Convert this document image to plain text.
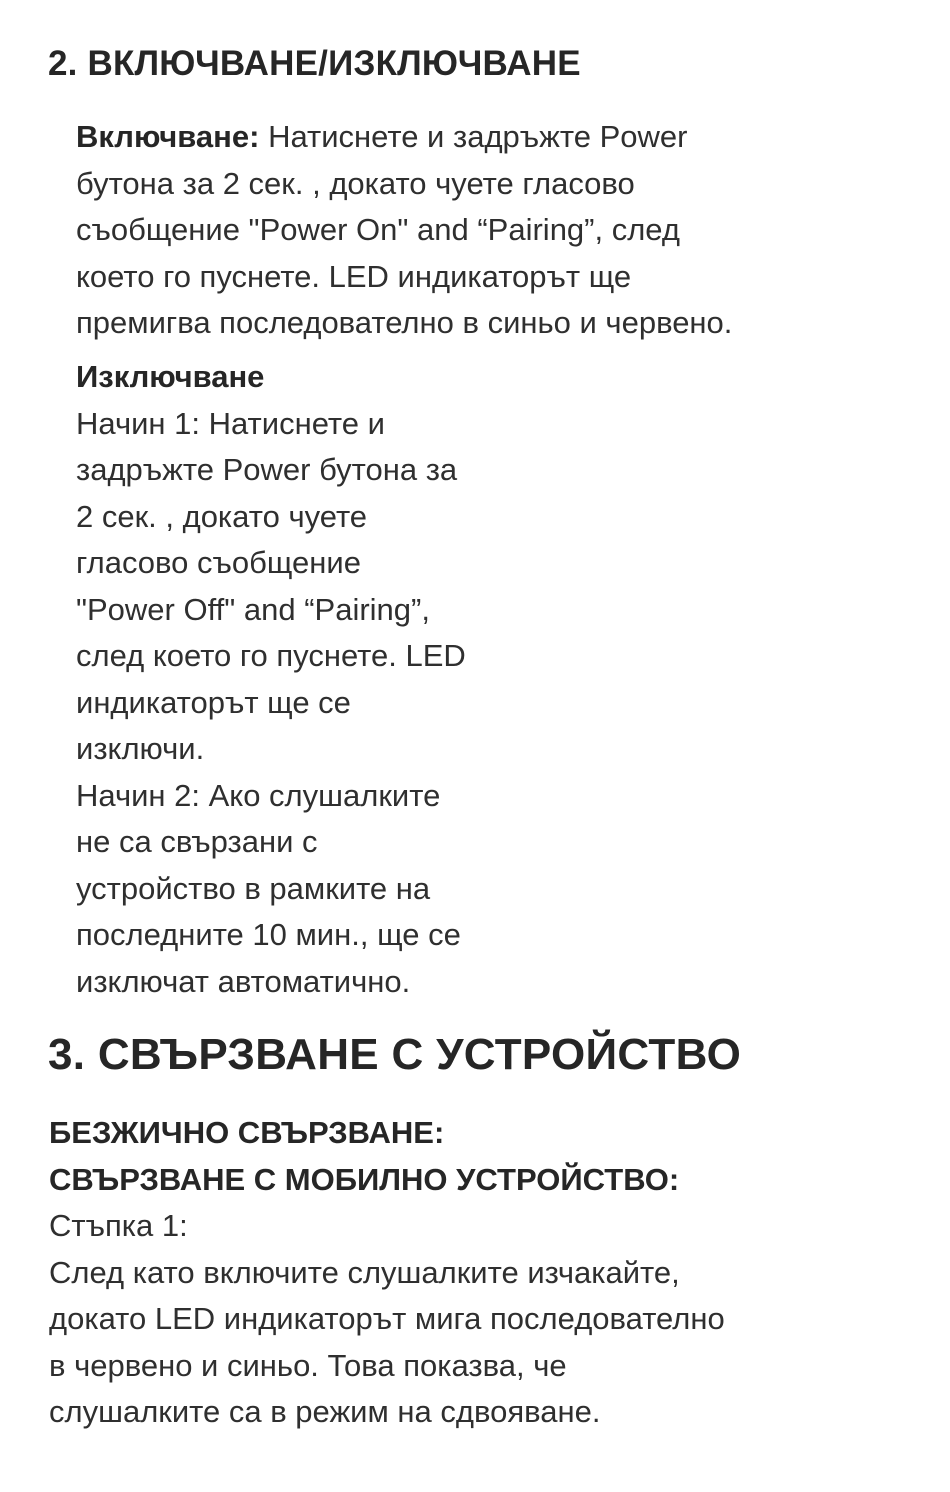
2. ВКЛЮЧВАНЕ/ИЗКЛЮЧВАНЕ
Включване: Натиснете и задръжте Power
бутона за 2 сек. , докато чуете гласово
съобщение "Power On" and “Pairing”, след
което го пуснете. LED индикаторът ще
премигва последователно в синьо и червено.
Изключване
Начин 1: Натиснете и
задръжте Power бутона за
2 сек. , докато чуете
гласово съобщение
"Power Off" and “Pairing”,
след което го пуснете. LED
индикаторът ще се
изключи.
Начин 2: Ако слушалките
не са свързани с
устройство в рамките на
последните 10 мин., ще се
изключат автоматично.
3. СВЪРЗВАНЕ С УСТРОЙСТВО
БЕЗЖИЧНО СВЪРЗВАНЕ:
СВЪРЗВАНЕ С МОБИЛНО УСТРОЙСТВО:
Стъпка 1:
След като включите слушалките изчакайте,
докато LED индикаторът мига последователно
в червено и синьо. Това показва, че
слушалките са в режим на сдвояване.
